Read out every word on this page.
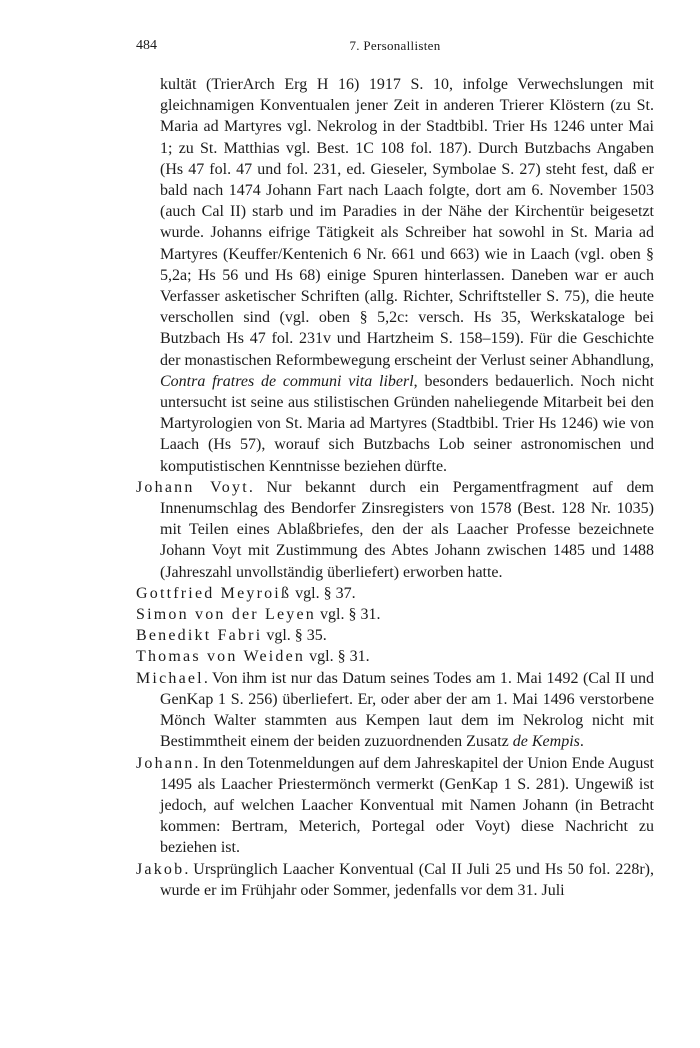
484	7. Personallisten

kultät (TrierArch Erg H 16) 1917 S. 10, infolge Verwechslungen mit gleichnamigen Konventualen jener Zeit in anderen Trierer Klöstern (zu St. Maria ad Martyres vgl. Nekrolog in der Stadtbibl. Trier Hs 1246 unter Mai 1; zu St. Matthias vgl. Best. 1C 108 fol. 187). Durch Butzbachs Angaben (Hs 47 fol. 47 und fol. 231, ed. Gieseler, Symbolae S. 27) steht fest, daß er bald nach 1474 Johann Fart nach Laach folgte, dort am 6. November 1503 (auch Cal II) starb und im Paradies in der Nähe der Kirchentür beigesetzt wurde. Johanns eifrige Tätigkeit als Schreiber hat sowohl in St. Maria ad Martyres (Keuffer/Kentenich 6 Nr. 661 und 663) wie in Laach (vgl. oben § 5,2a; Hs 56 und Hs 68) einige Spuren hinterlassen. Daneben war er auch Verfasser asketischer Schriften (allg. Richter, Schriftsteller S. 75), die heute verschollen sind (vgl. oben § 5,2c: versch. Hs 35, Werkskataloge bei Butzbach Hs 47 fol. 231v und Hartzheim S. 158–159). Für die Geschichte der monastischen Reformbewegung erscheint der Verlust seiner Abhandlung, Contra fratres de communi vita liberl, besonders bedauerlich. Noch nicht untersucht ist seine aus stilistischen Gründen naheliegende Mitarbeit bei den Martyrologien von St. Maria ad Martyres (Stadtbibl. Trier Hs 1246) wie von Laach (Hs 57), worauf sich Butzbachs Lob seiner astronomischen und komputistischen Kenntnisse beziehen dürfte.

Johann Voyt. Nur bekannt durch ein Pergamentfragment auf dem Innenumschlag des Bendorfer Zinsregisters von 1578 (Best. 128 Nr. 1035) mit Teilen eines Ablaßbriefes, den der als Laacher Professe bezeichnete Johann Voyt mit Zustimmung des Abtes Johann zwischen 1485 und 1488 (Jahreszahl unvollständig überliefert) erworben hatte.

Gottfried Meyroiß vgl. § 37.

Simon von der Leyen vgl. § 31.

Benedikt Fabri vgl. § 35.

Thomas von Weiden vgl. § 31.

Michael. Von ihm ist nur das Datum seines Todes am 1. Mai 1492 (Cal II und GenKap 1 S. 256) überliefert. Er, oder aber der am 1. Mai 1496 verstorbene Mönch Walter stammten aus Kempen laut dem im Nekrolog nicht mit Bestimmtheit einem der beiden zuzuordnenden Zusatz de Kempis.

Johann. In den Totenmeldungen auf dem Jahreskapitel der Union Ende August 1495 als Laacher Priestermönch vermerkt (GenKap 1 S. 281). Ungewiß ist jedoch, auf welchen Laacher Konventual mit Namen Johann (in Betracht kommen: Bertram, Meterich, Portegal oder Voyt) diese Nachricht zu beziehen ist.

Jakob. Ursprünglich Laacher Konventual (Cal II Juli 25 und Hs 50 fol. 228r), wurde er im Frühjahr oder Sommer, jedenfalls vor dem 31. Juli
